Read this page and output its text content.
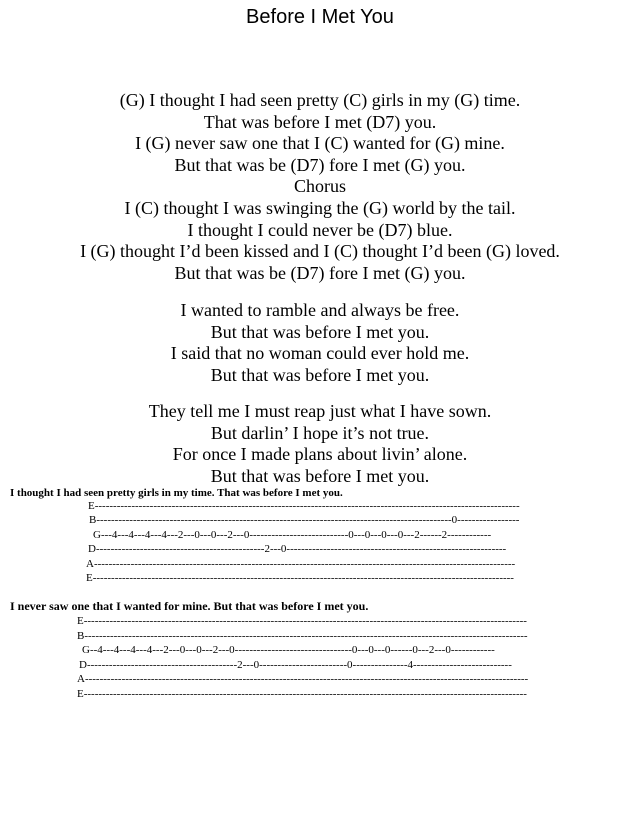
Before I Met You
(G) I thought I had seen pretty (C) girls in my (G) time.
That was before I met (D7) you.
I (G) never saw one that I (C) wanted for (G) mine.
But that was be (D7) fore I met (G) you.
Chorus
I (C) thought I was swinging the (G) world by the tail.
I thought I could never be (D7) blue.
I (G) thought I’d been kissed and I (C) thought I’d been (G) loved.
But that was be (D7) fore I met (G) you.
I wanted to ramble and always be free.
But that was before I met you.
I said that no woman could ever hold me.
But that was before I met you.
They tell me I must reap just what I have sown.
But darlin’ I hope it’s not true.
For once I made plans about livin’ alone.
But that was before I met you.
I thought I had seen pretty girls in my time. That was before I met you.
E--------------------------------------------------------------------------------------------------------------------
B-------------------------------------------------------------------------------------------------0-----------------
G---4---4---4---4---2---0---0---2---0---------------------------0---0---0---0---2------2------------
D----------------------------------------------2---0------------------------------------------------------------
A-------------------------------------------------------------------------------------------------------------------
E-------------------------------------------------------------------------------------------------------------------
I never saw one that I wanted for mine. But that was before I met you.
E-------------------------------------------------------------------------------------------------------------------------
B-------------------------------------------------------------------------------------------------------------------------
G--4---4---4---4---2---0---0---2---0--------------------------------0---0---0------0---2---0------------
D-----------------------------------------2---0------------------------0---------------4---------------------------
A-------------------------------------------------------------------------------------------------------------------------
E-------------------------------------------------------------------------------------------------------------------------
